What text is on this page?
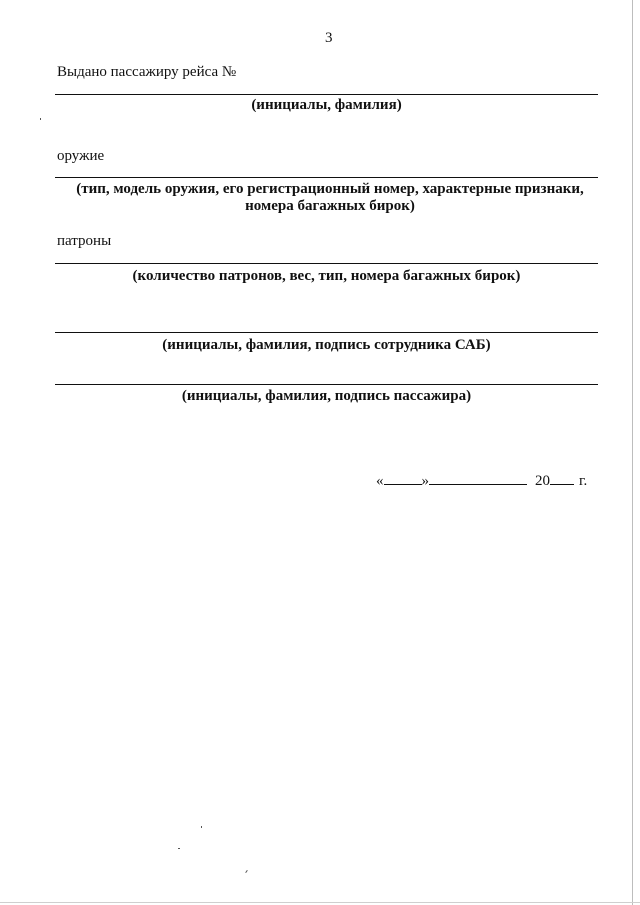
3
Выдано пассажиру рейса №
(инициалы, фамилия)
оружие
(тип, модель оружия, его регистрационный номер, характерные признаки, номера багажных бирок)
патроны
(количество патронов, вес, тип, номера багажных бирок)
(инициалы, фамилия, подпись сотрудника САБ)
(инициалы, фамилия, подпись пассажира)
«	»	20 г.
